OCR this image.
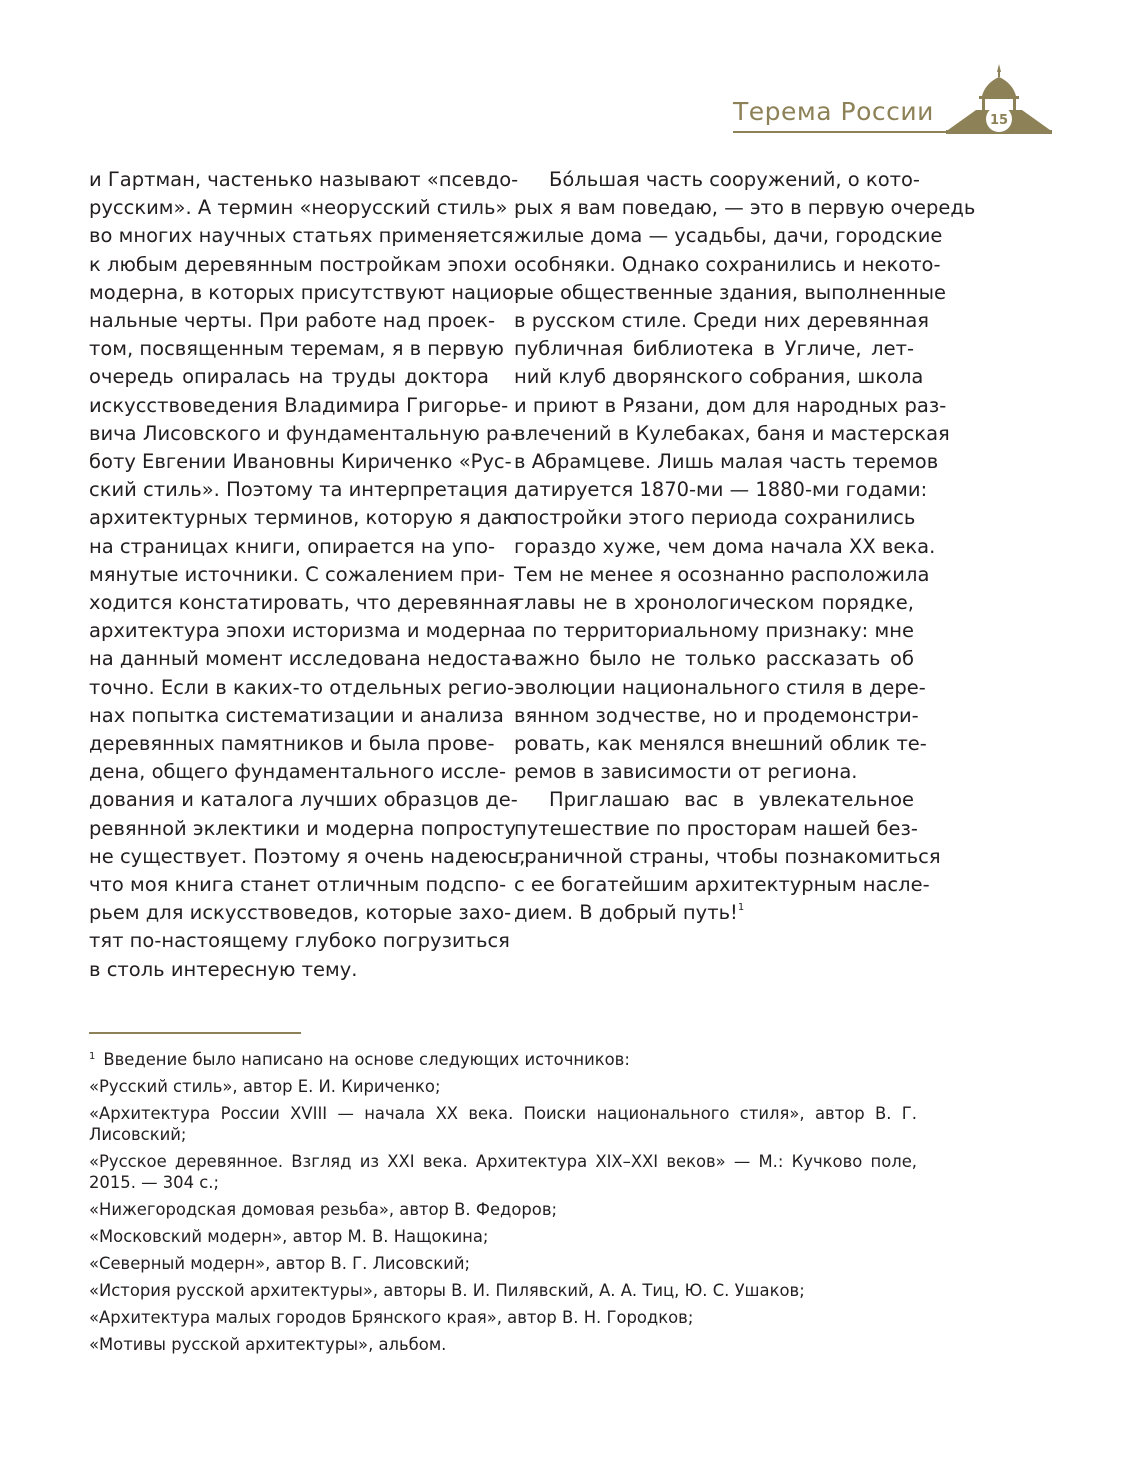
Терема России	15

и Гартман, частенько называют «псевдо-
русским». А термин «неорусский стиль»
во многих научных статьях применяется
к любым деревянным постройкам эпохи
модерна, в которых присутствуют нацио-
нальные черты. При работе над проек-
том, посвященным теремам, я в первую
очередь опиралась на труды доктора
искусствоведения Владимира Григорье-
вича Лисовского и фундаментальную ра-
боту Евгении Ивановны Кириченко «Рус-
ский стиль». Поэтому та интерпретация
архитектурных терминов, которую я даю
на страницах книги, опирается на упо-
мянутые источники. С сожалением при-
ходится констатировать, что деревянная
архитектура эпохи историзма и модерна
на данный момент исследована недоста-
точно. Если в каких-то отдельных регио-
нах попытка систематизации и анализа
деревянных памятников и была прове-
дена, общего фундаментального иссле-
дования и каталога лучших образцов де-
ревянной эклектики и модерна попросту
не существует. Поэтому я очень надеюсь,
что моя книга станет отличным подспо-
рьем для искусствоведов, которые захо-
тят по-настоящему глубоко погрузиться
в столь интересную тему.

Бо́льшая часть сооружений, о кото-
рых я вам поведаю, — это в первую очередь
жилые дома — усадьбы, дачи, городские
особняки. Однако сохранились и некото-
рые общественные здания, выполненные
в русском стиле. Среди них деревянная
публичная библиотека в Угличе, лет-
ний клуб дворянского собрания, школа
и приют в Рязани, дом для народных раз-
влечений в Кулебаках, баня и мастерская
в Абрамцеве. Лишь малая часть теремов
датируется 1870-ми — 1880-ми годами:
постройки этого периода сохранились
гораздо хуже, чем дома начала XX века.
Тем не менее я осознанно расположила
главы не в хронологическом порядке,
а по территориальному признаку: мне
важно было не только рассказать об
эволюции национального стиля в дере-
вянном зодчестве, но и продемонстри-
ровать, как менялся внешний облик те-
ремов в зависимости от региона.

Приглашаю вас в увлекательное
путешествие по просторам нашей без-
граничной страны, чтобы познакомиться
с ее богатейшим архитектурным насле-
дием. В добрый путь!$^1$

$^1$ Введение было написано на основе следующих источников:

«Русский стиль», автор Е. И. Кириченко;

«Архитектура России XVIII — начала XX века. Поиски национального стиля», автор В. Г. Лисовский;

«Русское деревянное. Взгляд из XXI века. Архитектура XIX–XXI веков» — М.: Кучково поле, 2015. — 304 с.;

«Нижегородская домовая резьба», автор В. Федоров;

«Московский модерн», автор М. В. Нащокина;

«Северный модерн», автор В. Г. Лисовский;

«История русской архитектуры», авторы В. И. Пилявский, А. А. Тиц, Ю. С. Ушаков;

«Архитектура малых городов Брянского края», автор В. Н. Городков;

«Мотивы русской архитектуры», альбом.
